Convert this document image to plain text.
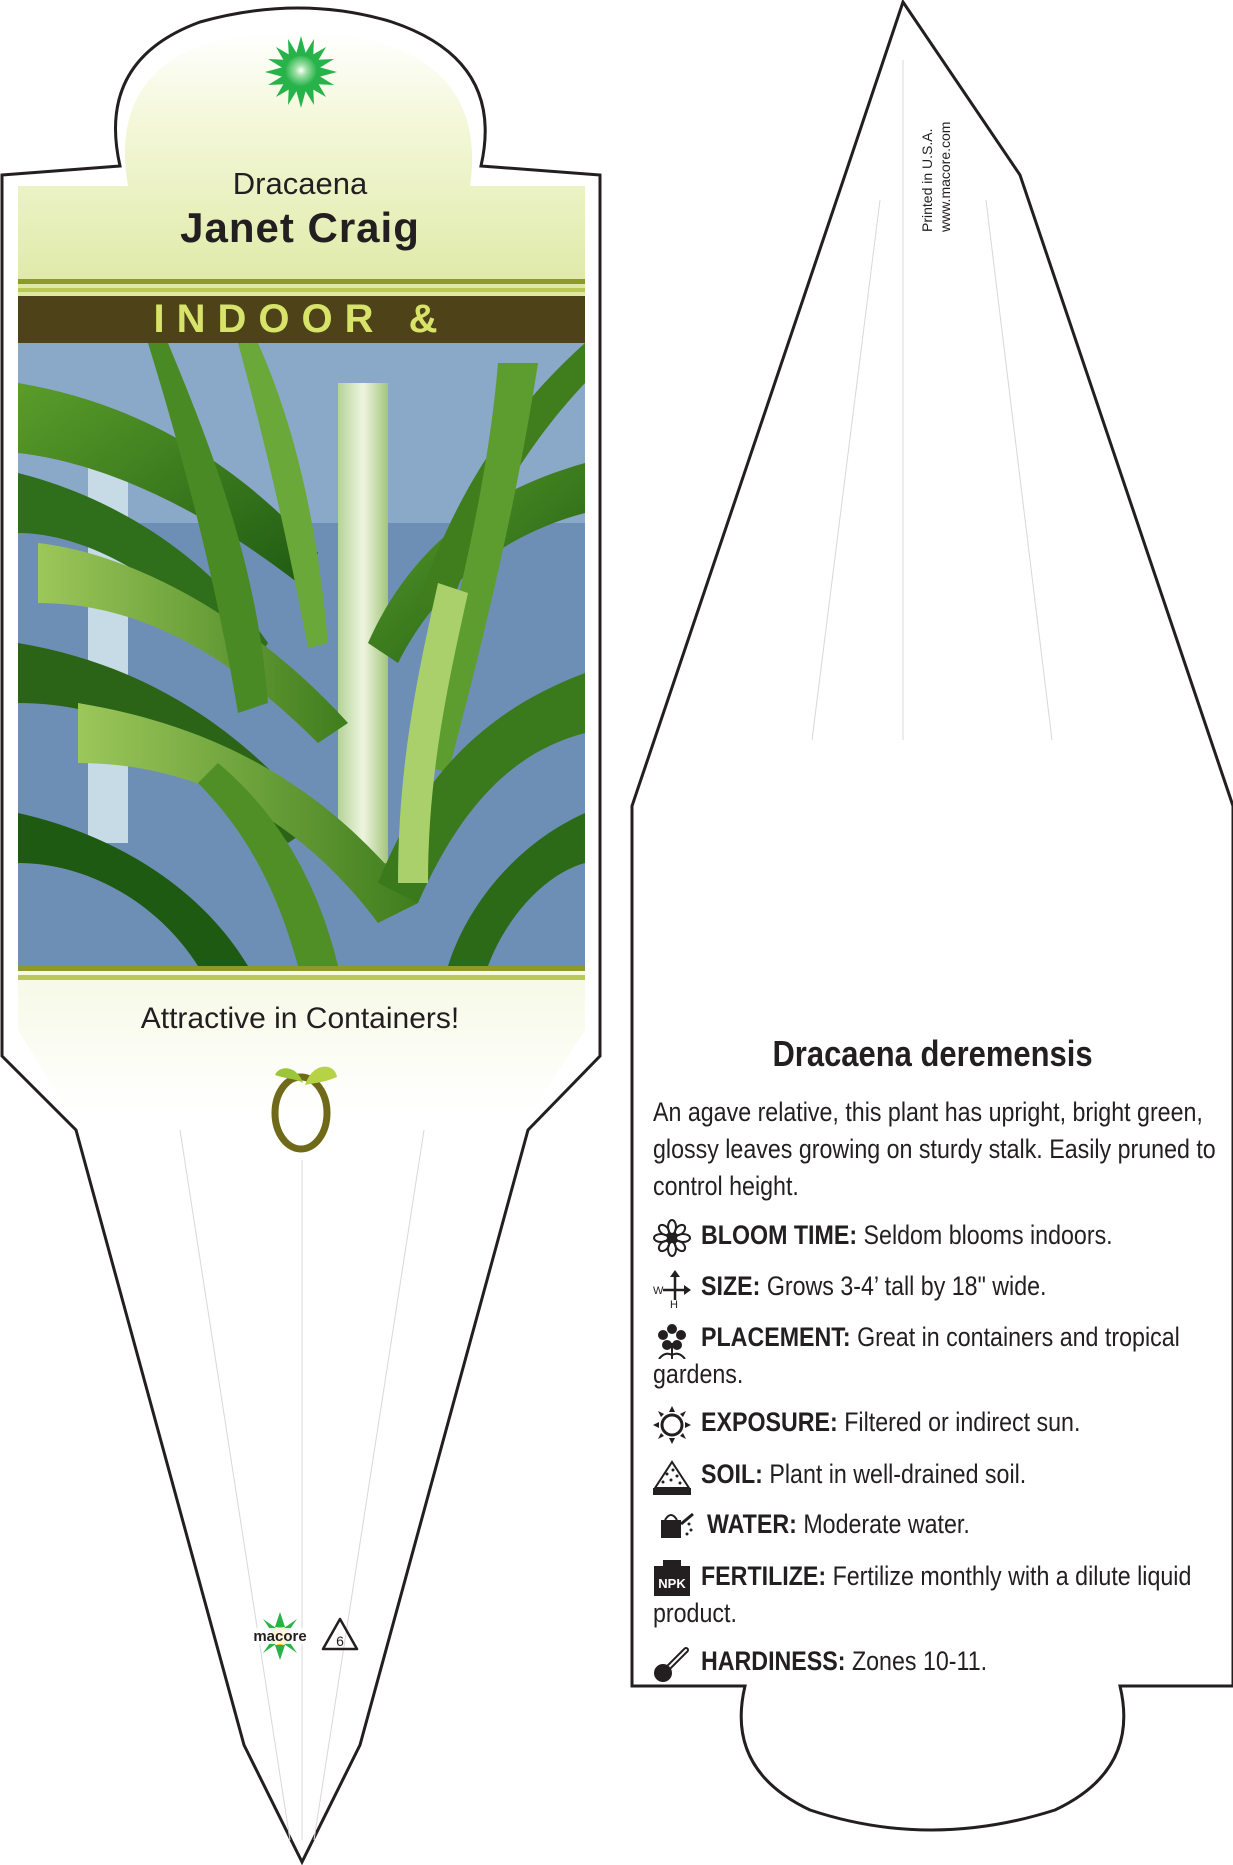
macore 6
Dracaena
Janet Craig
INDOOR &
Attractive in Containers!
Printed in U.S.A. www.macore.com
Dracaena deremensis
An agave relative, this plant has upright, bright green,
glossy leaves growing on sturdy stalk. Easily pruned to
control height.
BLOOM TIME: Seldom blooms indoors.
W
H
SIZE: Grows 3-4’ tall by 18" wide.
PLACEMENT: Great in containers and tropical
gardens.
EXPOSURE: Filtered or indirect sun.
SOIL: Plant in well-drained soil.
WATER: Moderate water.
NPK FERTILIZE: Fertilize monthly with a dilute liquid
product.
HARDINESS: Zones 10-11.
